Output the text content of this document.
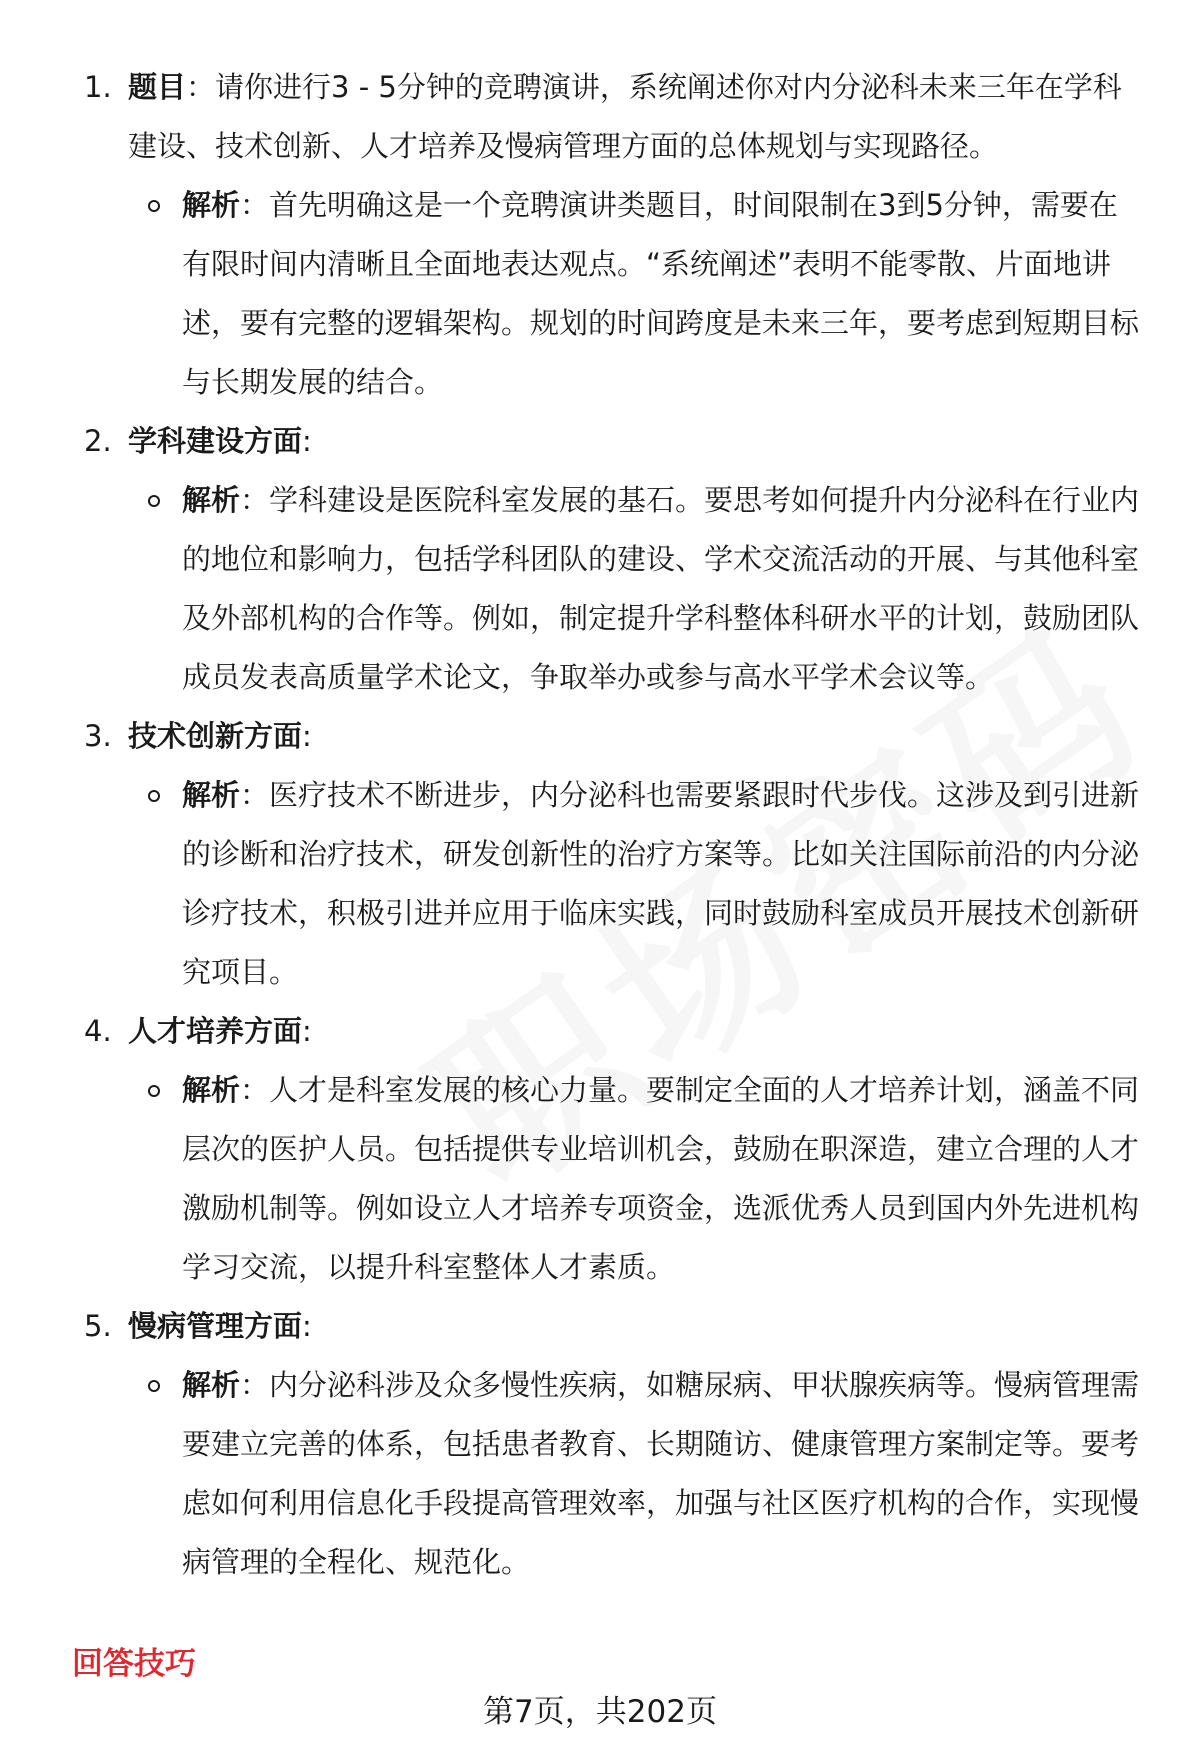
1. 题目：请你进行3 - 5分钟的竞聘演讲，系统阐述你对内分泌科未来三年在学科建设、技术创新、人才培养及慢病管理方面的总体规划与实现路径。
解析：首先明确这是一个竞聘演讲类题目，时间限制在3到5分钟，需要在有限时间内清晰且全面地表达观点。“系统阐述”表明不能零散、片面地讲述，要有完整的逻辑架构。规划的时间跨度是未来三年，要考虑到短期目标与长期发展的结合。
2. 学科建设方面:
解析：学科建设是医院科室发展的基石。要思考如何提升内分泌科在行业内的地位和影响力，包括学科团队的建设、学术交流活动的开展、与其他科室及外部机构的合作等。例如，制定提升学科整体科研水平的计划，鼓励团队成员发表高质量学术论文，争取举办或参与高水平学术会议等。
3. 技术创新方面:
解析：医疗技术不断进步，内分泌科也需要紧跟时代步伐。这涉及到引进新的诊断和治疗技术，研发创新性的治疗方案等。比如关注国际前沿的内分泌诊疗技术，积极引进并应用于临床实践，同时鼓励科室成员开展技术创新研究项目。
4. 人才培养方面:
解析：人才是科室发展的核心力量。要制定全面的人才培养计划，涵盖不同层次的医护人员。包括提供专业培训机会，鼓励在职深造，建立合理的人才激励机制等。例如设立人才培养专项资金，选派优秀人员到国内外先进机构学习交流，以提升科室整体人才素质。
5. 慢病管理方面:
解析：内分泌科涉及众多慢性疾病，如糖尿病、甲状腺疾病等。慢病管理需要建立完善的体系，包括患者教育、长期随访、健康管理方案制定等。要考虑如何利用信息化手段提高管理效率，加强与社区医疗机构的合作，实现慢病管理的全程化、规范化。
回答技巧
第7页，共202页
